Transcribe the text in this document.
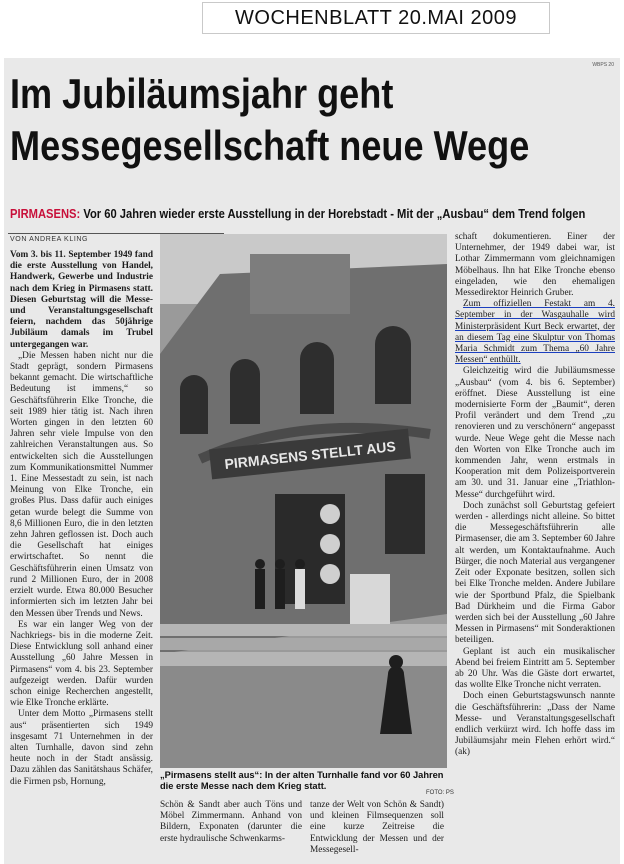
WOCHENBLATT 20.MAI 2009
WBPS 20
Im Jubiläumsjahr geht
Messegesellschaft neue Wege
PIRMASENS: Vor 60 Jahren wieder erste Ausstellung in der Horebstadt - Mit der „Ausbau“ dem Trend folgen
VON ANDREA KLING

Vom 3. bis 11. September 1949 fand die erste Ausstellung von Handel, Handwerk, Gewerbe und Industrie nach dem Krieg in Pirmasens statt. Diesen Geburtstag will die Messe- und Veranstaltungsgesellschaft feiern, nachdem das 50jährige Jubiläum damals im Trubel untergegangen war.

„Die Messen haben nicht nur die Stadt geprägt, sondern Pirmasens bekannt gemacht. Die wirtschaftliche Bedeutung ist immens,“ so Geschäftsführerin Elke Tronche, die seit 1989 hier tätig ist. Nach ihren Worten gingen in den letzten 60 Jahren sehr viele Impulse von den zahlreichen Veranstaltungen aus. So entwickelten sich die Ausstellungen zum Kommunikationsmittel Nummer 1. Eine Messestadt zu sein, ist nach Meinung von Elke Tronche, ein großes Plus. Dass dafür auch einiges getan wurde belegt die Summe von 8,6 Millionen Euro, die in den letzten zehn Jahren geflossen ist. Doch auch die Gesellschaft hat einiges erwirtschaftet. So nennt die Geschäftsführerin einen Umsatz von rund 2 Millionen Euro, der in 2008 erzielt wurde. Etwa 80.000 Besucher informierten sich im letzten Jahr bei den Messen über Trends und News.

Es war ein langer Weg von der Nachkriegs- bis in die moderne Zeit. Diese Entwicklung soll anhand einer Ausstellung „60 Jahre Messen in Pirmasens“ vom 4. bis 23. September aufgezeigt werden. Dafür wurden schon einige Recherchen angestellt, wie Elke Tronche erklärte.

Unter dem Motto „Pirmasens stellt aus“ präsentierten sich 1949 insgesamt 71 Unternehmen in der alten Turnhalle, davon sind zehn heute noch in der Stadt ansässig. Dazu zählen das Sanitätshaus Schäfer, die Firmen psb, Hornung,

PIRMASENS STELLT AUS
„Pirmasens stellt aus“: In der alten Turnhalle fand vor 60 Jahren die erste Messe nach dem Krieg statt.
FOTO: PS

Schön & Sandt aber auch Töns und Möbel Zimmermann. Anhand von Bildern, Exponaten (darunter die erste hydraulische Schwenkarms-

tanze der Welt von Schön & Sandt) und kleinen Filmsequenzen soll eine kurze Zeitreise die Entwicklung der Messen und der Messegesell-

schaft dokumentieren. Einer der Unternehmer, der 1949 dabei war, ist Lothar Zimmermann vom gleichnamigen Möbelhaus. Ihn hat Elke Tronche ebenso eingeladen, wie den ehemaligen Messedirektor Heinrich Gruber.

Zum offiziellen Festakt am 4. September in der Wasgauhalle wird Ministerpräsident Kurt Beck erwartet, der an diesem Tag eine Skulptur von Thomas Maria Schmidt zum Thema „60 Jahre Messen“ enthüllt.

Gleichzeitig wird die Jubiläumsmesse „Ausbau“ (vom 4. bis 6. September) eröffnet. Diese Ausstellung ist eine modernisierte Form der „Baumit“, deren Profil verändert und dem Trend „zu renovieren und zu verschönern“ angepasst wurde. Neue Wege geht die Messe nach den Worten von Elke Tronche auch im kommenden Jahr, wenn erstmals in Kooperation mit dem Polizeisportverein am 30. und 31. Januar eine „Triathlon-Messe“ durchgeführt wird.

Doch zunächst soll Geburtstag gefeiert werden - allerdings nicht alleine. So bittet die Messegeschäftsführerin alle Pirmasenser, die am 3. September 60 Jahre alt werden, um Kontaktaufnahme. Auch Bürger, die noch Material aus vergangener Zeit oder Exponate besitzen, sollen sich bei Elke Tronche melden. Andere Jubilare wie der Sportbund Pfalz, die Spielbank Bad Dürkheim und die Firma Gabor werden sich bei der Ausstellung „60 Jahre Messen in Pirmasens“ mit Sonderaktionen beteiligen.

Geplant ist auch ein musikalischer Abend bei freiem Eintritt am 5. September ab 20 Uhr. Was die Gäste dort erwartet, das wollte Elke Tronche nicht verraten.

Doch einen Geburtstagswunsch nannte die Geschäftsführerin: „Dass der Name Messe- und Veranstaltungsgesellschaft endlich verkürzt wird. Ich hoffe dass im Jubiläumsjahr mein Flehen erhört wird.“ (ak)
